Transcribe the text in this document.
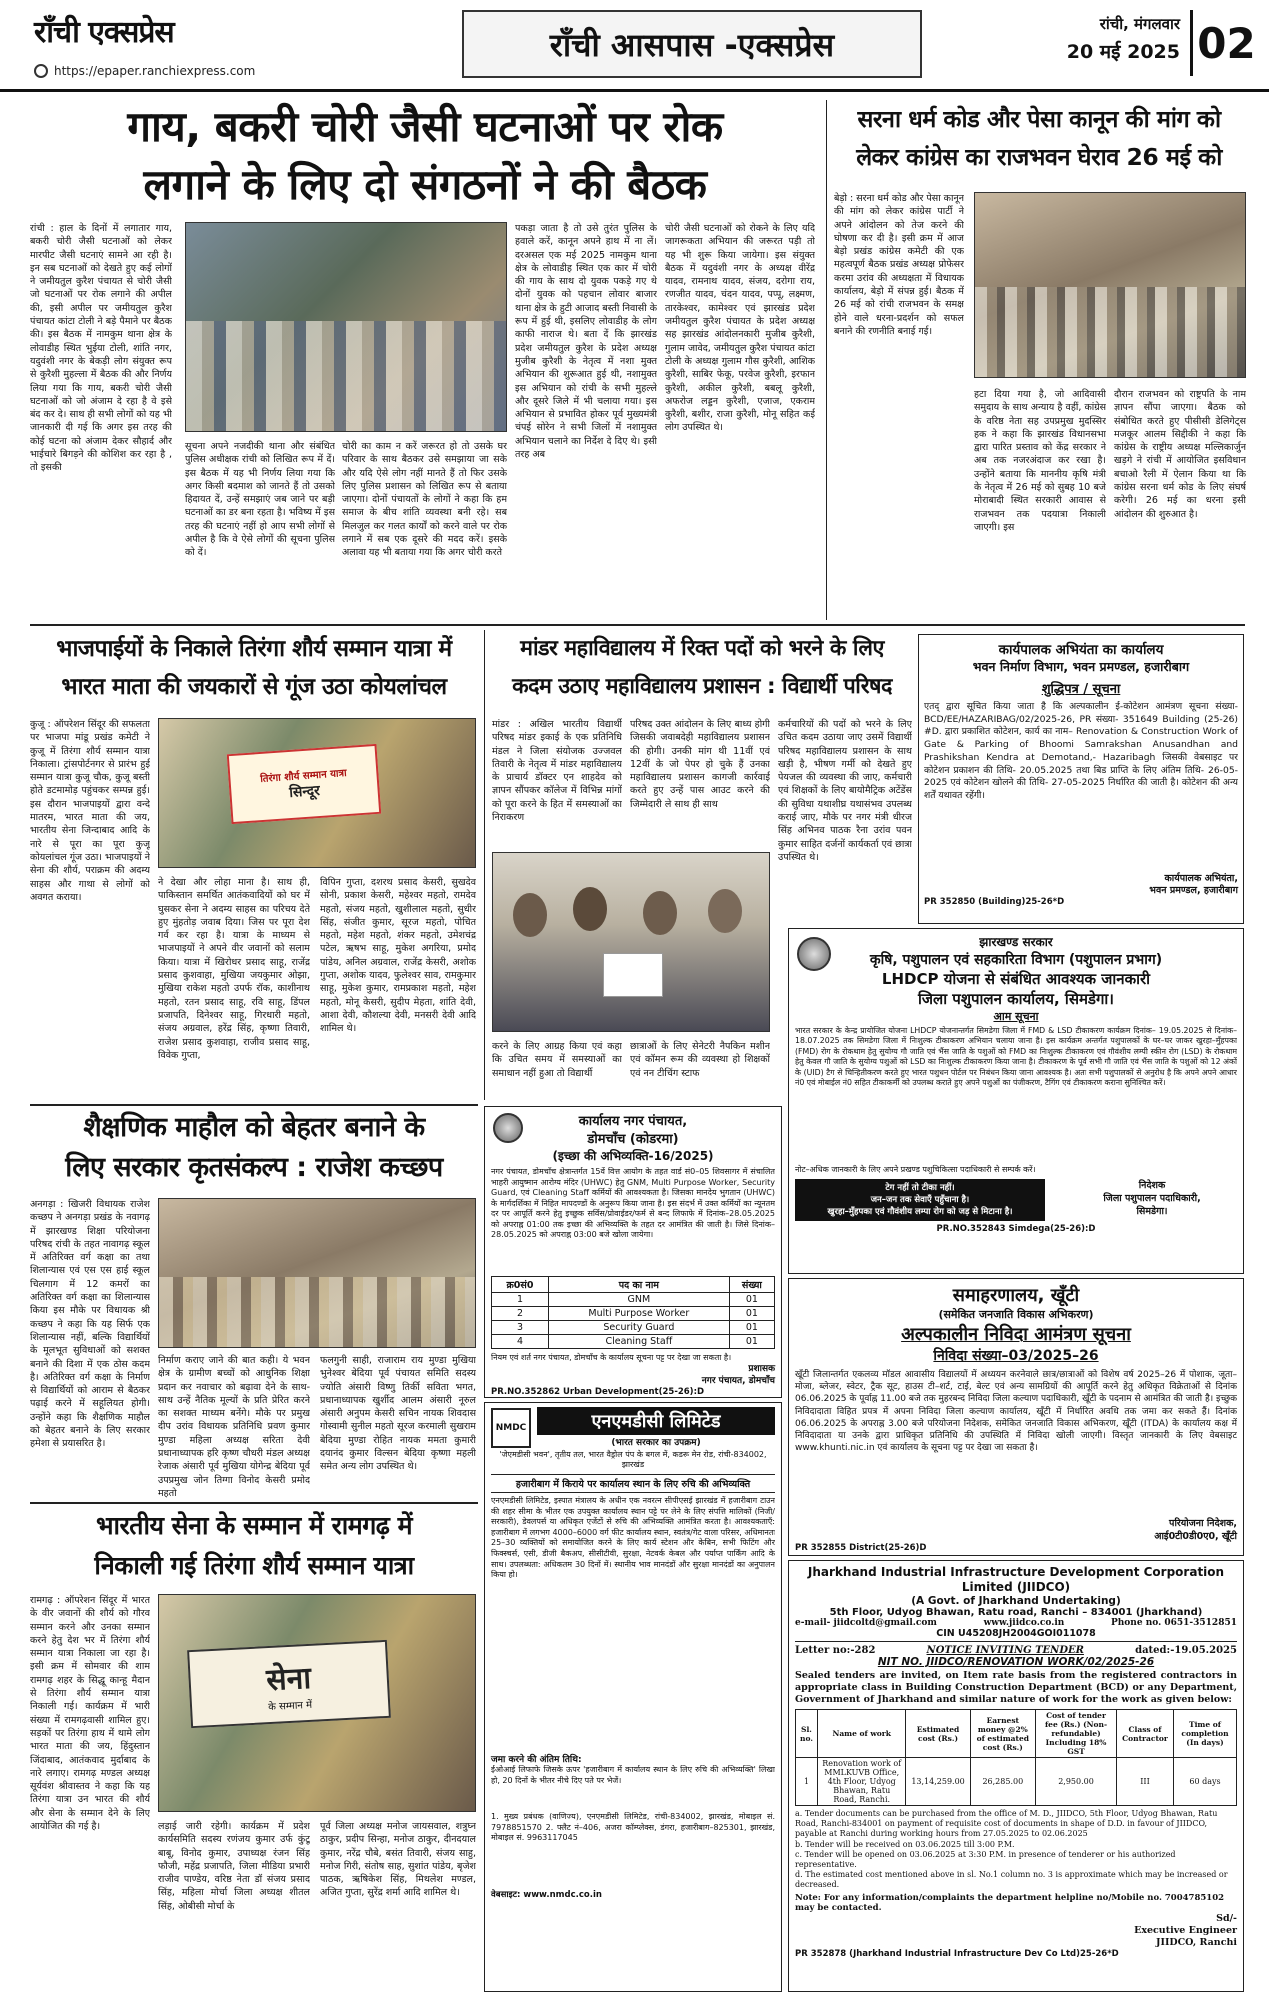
राँची एक्सप्रेस
https://epaper.ranchiexpress.com
राँची आसपास -एक्सप्रेस
रांची, मंगलवार
20 मई 2025 02
गाय, बकरी चोरी जैसी घटनाओं पर रोक
लगाने के लिए दो संगठनों ने की बैठक
रांची : हाल के दिनों में लगातार गाय, बकरी चोरी जैसी घटनाओं को लेकर मारपीट जैसी घटनाएं सामने आ रही है। इन सब घटनाओं को देखते हुए कई लोगों ने जमीयतुल कुरैश पंचायत से चोरी जैसी जो घटनाओं पर रोक लगाने की अपील की, इसी अपील पर जमीयतुल कुरैश पंचायत कांटा टोली ने बड़े पैमाने पर बैठक की। इस बैठक में नामकुम थाना क्षेत्र के लोवाडीह स्थित भुईया टोली, शांति नगर, यदुवंशी नगर के बेकड़ी लोग संयुक्त रूप से कुरैशी मुहल्ला में बैठक की और निर्णय लिया गया कि गाय, बकरी चोरी जैसी घटनाओं को जो अंजाम दे रहा है वे इसे बंद कर दे। साथ ही सभी लोगों को यह भी जानकारी दी गई कि अगर इस तरह की कोई घटना को अंजाम देकर सौहार्द और भाईचारे बिगड़ने की कोशिश कर रहा है , तो इसकी
सूचना अपने नजदीकी थाना और संबंधित पुलिस अधीक्षक रांची को लिखित रूप में दें। इस बैठक में यह भी निर्णय लिया गया कि अगर किसी बदमाश को जानते हैं तो उसको हिदायत दें, उन्हें समझाएं जब जाने पर बड़ी घटनाओं का डर बना रहता है। भविष्य में इस तरह की घटनाएं नहीं हो आप सभी लोगों से अपील है कि वे ऐसे लोगों की सूचना पुलिस को दें।
चोरी का काम न करें जरूरत हो तो उसके घर परिवार के साथ बैठकर उसे समझाया जा सके और यदि ऐसे लोग नहीं मानते हैं तो फिर उसके लिए पुलिस प्रशासन को लिखित रूप से बताया जाएगा। दोनों पंचायतों के लोगों ने कहा कि हम समाज के बीच शांति व्यवस्था बनी रहे। सब मिलजुल कर गलत कार्यों को करने वाले पर रोक लगाने में सब एक दूसरे की मदद करें। इसके अलावा यह भी बताया गया कि अगर चोरी करते
पकड़ा जाता है तो उसे तुरंत पुलिस के हवाले करें, कानून अपने हाथ में ना लें। दरअसल एक मई 2025 नामकुम थाना क्षेत्र के लोवाडीह स्थित एक कार में चोरी की गाय के साथ दो युवक पकड़े गए थे दोनों युवक को पहचान लोवार बाजार थाना क्षेत्र के हुटी आजाद बस्ती निवासी के रूप में हुई थी, इसलिए लोवाडीह के लोग काफी नाराज थे। बता दें कि झारखंड प्रदेश जमीयतुल कुरैश के प्रदेश अध्यक्ष मुजीब कुरैशी के नेतृत्व में नशा मुक्त अभियान की शुरूआत हुई थी, नशामुक्त इस अभियान को रांची के सभी मुहल्ले और दूसरे जिले में भी चलाया गया। इस अभियान से प्रभावित होकर पूर्व मुख्यमंत्री चंपई सोरेन ने सभी जिलों में नशामुक्त अभियान चलाने का निर्देश दे दिए थे। इसी तरह अब
चोरी जैसी घटनाओं को रोकने के लिए यदि जागरूकता अभियान की जरूरत पड़ी तो यह भी शुरू किया जायेगा। इस संयुक्त बैठक में यदुवंशी नगर के अध्यक्ष वीरेंद्र यादव, रामनाथ यादव, संजय, दरोगा राय, रणजीत यादव, चंदन यादव, पप्पू, लक्ष्मण, तारकेश्वर, कामेश्वर एवं झारखंड प्रदेश जमीयतुल कुरैश पंचायत के प्रदेश अध्यक्ष सह झारखंड आंदोलनकारी मुजीब कुरैशी, गुलाम जावेद, जमीयतुल कुरैश पंचायत कांटा टोली के अध्यक्ष गुलाम गौस कुरैशी, आशिक कुरैशी, साबिर फेकू, परवेज कुरैशी, इरफान कुरैशी, अकील कुरैशी, बबलू कुरैशी, अफरोज लड्डन कुरैशी, एजाज, एकराम कुरैशी, बशीर, राजा कुरैशी, मोनू सहित कई लोग उपस्थित थे।
सरना धर्म कोड और पेसा कानून की मांग को
लेकर कांग्रेस का राजभवन घेराव 26 मई को
बेड़ो : सरना धर्म कोड और पेसा कानून की मांग को लेकर कांग्रेस पार्टी ने अपने आंदोलन को तेज करने की घोषणा कर दी है। इसी क्रम में आज बेड़ो प्रखंड कांग्रेस कमेटी की एक महत्वपूर्ण बैठक प्रखंड अध्यक्ष प्रोफेसर करमा उरांव की अध्यक्षता में विधायक कार्यालय, बेड़ो में संपन्न हुई। बैठक में 26 मई को रांची राजभवन के समक्ष होने वाले धरना-प्रदर्शन को सफल बनाने की रणनीति बनाई गई।
हटा दिया गया है, जो आदिवासी समुदाय के साथ अन्याय है वहीं, कांग्रेस के वरिष्ठ नेता सह उपप्रमुख मुदस्सिर हक ने कहा कि झारखंड विधानसभा द्वारा पारित प्रस्ताव को केंद्र सरकार ने अब तक नजरअंदाज कर रखा है। उन्होंने बताया कि माननीय कृषि मंत्री के नेतृत्व में 26 मई को सुबह 10 बजे मोराबादी स्थित सरकारी आवास से राजभवन तक पदयात्रा निकाली जाएगी। इस
दौरान राजभवन को राष्ट्रपति के नाम ज्ञापन सौंपा जाएगा। बैठक को संबोधित करते हुए पीसीसी डेलिगेट्स मजकूर आलम सिद्दीकी ने कहा कि कांग्रेस के राष्ट्रीय अध्यक्ष मल्लिकार्जुन खड़गे ने रांची में आयोजित इसविधान बचाओ रैली में ऐलान किया था कि कांग्रेस सरना धर्म कोड के लिए संघर्ष करेगी। 26 मई का धरना इसी आंदोलन की शुरुआत है।
भाजपाईयों के निकाले तिरंगा शौर्य सम्मान यात्रा में
भारत माता की जयकारों से गूंज उठा कोयलांचल
कुजू : ऑपरेशन सिंदूर की सफलता पर भाजपा मांडू प्रखंड कमेटी ने कुजू में तिरंगा शौर्य सम्मान यात्रा निकाला। ट्रांसपोर्टनगर से प्रारंभ हुई सम्मान यात्रा कुजू चौक, कुजू बस्ती होते डटमामोड़ पहुंचकर सम्पन्न हुई। इस दौरान भाजपाइयों द्वारा वन्दे मातरम, भारत माता की जय, भारतीय सेना जिन्दाबाद आदि के नारे से पूरा का पूरा कुजू कोयलांचल गूंज उठा। भाजपाइयों ने सेना की शौर्य, पराक्रम की अदम्य साहस और गाथा से लोगों को अवगत कराया।
तिरंगा शौर्य सम्मान यात्रा
सिन्दूर
ने देखा और लोहा माना है। साथ ही, पाकिस्तान समर्थित आतंकवादियों को घर में घुसकर सेना ने अदम्य साहस का परिचय देते हुए मुंहतोड़ जवाब दिया। जिस पर पूरा देश गर्व कर रहा है। यात्रा के माध्यम से भाजपाइयों ने अपने वीर जवानों को सलाम किया। यात्रा में खिरोधर प्रसाद साहू, राजेंद्र प्रसाद कुशवाहा, मुखिया जयकुमार ओझा, मुखिया राकेश महतो उपर्फ रॉक, काशीनाथ महतो, रतन प्रसाद साहू, रवि साहू, डिंपल प्रजापति, दिनेश्वर साहू, गिरधारी महतो, संजय अग्रवाल, हरेंद्र सिंह, कृष्णा तिवारी, राजेश प्रसाद कुशवाहा, राजीव प्रसाद साहू, विवेक गुप्ता,
विपिन गुप्ता, दशरथ प्रसाद केसरी, सुखदेव सोनी, प्रकाश केसरी, महेश्वर महतो, रामदेव महतो, संजय महतो, खुशीलाल महतो, सुधीर सिंह, संजीत कुमार, सूरज महतो, पोचित महतो, महेश महतो, शंकर महतो, उमेशचंद्र पटेल, ऋषभ साहू, मुकेश अगरिया, प्रमोद पांडेय, अनिल अग्रवाल, राजेंद्र केसरी, अशोक गुप्ता, अशोक यादव, फुलेश्वर साव, रामकुमार साहू, मुकेश कुमार, रामप्रकाश महतो, महेश महतो, मोनू केसरी, सुदीप मेहता, शांति देवी, आशा देवी, कौशल्या देवी, मनसरी देवी आदि शामिल थे।
मांडर महाविद्यालय में रिक्त पदों को भरने के लिए
कदम उठाए महाविद्यालय प्रशासन : विद्यार्थी परिषद
मांडर : अखिल भारतीय विद्यार्थी परिषद मांडर इकाई के एक प्रतिनिधि मंडल ने जिला संयोजक उज्जवल तिवारी के नेतृत्व में मांडर महाविद्यालय के प्राचार्य डॉक्टर एन शाहदेव को ज्ञापन सौंपकर कॉलेज में विभिन्न मांगों को पूरा करने के हित में समस्याओं का निराकरण
परिषद उक्त आंदोलन के लिए बाध्य होगी जिसकी जवाबदेही महाविद्यालय प्रशासन की होगी। उनकी मांग थी 11वीं एवं 12वीं के जो पेपर हो चुके हैं उनका महाविद्यालय प्रशासन कागजी कार्रवाई करते हुए उन्हें पास आउट करने की जिम्मेदारी ले साथ ही साथ
कर्मचारियों की पदों को भरने के लिए उचित कदम उठाया जाए उसमें विद्यार्थी परिषद महाविद्यालय प्रशासन के साथ खड़ी है, भीषण गर्मी को देखते हुए पेयजल की व्यवस्था की जाए, कर्मचारी एवं शिक्षकों के लिए बायोमैट्रिक अटेंडेंस की सुविधा यथाशीघ्र यथासंभव उपलब्ध कराई जाए, मौके पर नगर मंत्री धीरज सिंह अभिनव पाठक रैना उरांव पवन कुमार साहित दर्जनों कार्यकर्ता एवं छात्रा उपस्थित थे।
करने के लिए आग्रह किया एवं कहा कि उचित समय में समस्याओं का समाधान नहीं हुआ तो विद्यार्थी
छात्राओं के लिए सेनेटरी नैपकिन मशीन एवं कॉमन रूम की व्यवस्था हो शिक्षकों एवं नन टीचिंग स्टाफ
कार्यपालक अभियंता का कार्यालय
भवन निर्माण विभाग, भवन प्रमण्डल, हजारीबाग
शुद्धिपत्र / सूचना
एतद् द्वारा सूचित किया जाता है कि अल्पकालीन ई-कोटेशन आमंत्रण सूचना संख्या- BCD/EE/HAZARIBAG/02/2025-26, PR संख्या- 351649 Building (25-26) #D. द्वारा प्रकाशित कोटेशन, कार्य का नाम– Renovation & Construction Work of Gate & Parking of Bhoomi Samrakshan Anusandhan and Prashikshan Kendra at Demotand,- Hazaribagh जिसकी वेबसाइट पर कोटेशन प्रकाशन की तिथि- 20.05.2025 तथा बिड प्राप्ति के लिए अंतिम तिथि- 26-05-2025 एवं कोटेशन खोलने की तिथि- 27-05-2025 निर्धारित की जाती है। कोटेशन की अन्य शर्तें यथावत रहेंगी।
कार्यपालक अभियंता,
भवन प्रमण्डल, हजारीबाग
PR 352850 (Building)25-26*D
झारखण्ड सरकार
कृषि, पशुपालन एवं सहकारिता विभाग (पशुपालन प्रभाग)
LHDCP योजना से संबंधित आवश्यक जानकारी
जिला पशुपालन कार्यालय, सिमडेगा।
आम सूचना
भारत सरकार के केन्द्र प्रायोजित योजना LHDCP योजनान्तर्गत सिमडेगा जिला में FMD & LSD टीकाकरण कार्यक्रम दिनांक– 19.05.2025 से दिनांक– 18.07.2025 तक सिमडेगा जिला में निःशुल्क टीकाकरण अभियान चलाया जाना है। इस कार्यक्रम अन्तर्गत पशुपालकों के घर–घर जाकर खुरहा–मुँहपका (FMD) रोग के रोकथाम हेतु सुयोग्य गौ जाति एवं भैंस जाति के पशुओं को FMD का निःशुल्क टीकाकरण एवं गौवंशीय लम्पी स्कीन रोग (LSD) के रोकथाम हेतु केवल गौ जाति के सुयोग्य पशुओं को LSD का निःशुल्क टीकाकरण किया जाना है। टीकाकरण के पूर्व सभी गौ जाति एवं भैंस जाति के पशुओं को 12 अंकों के (UID) टैग से चिन्हितीकरण करते हुए भारत पशुधन पोर्टल पर निबंधन किया जाना आवश्यक है। अतः सभी पशुपालकों से अनुरोध है कि अपने अपने आधार नं0 एवं मोबाईल नं0 सहित टीकाकर्मी को उपलब्ध कराते हुए अपने पशुओं का पंजीकरण, टैगिंग एवं टीकाकरण कराना सुनिश्चित करें।
नोट–अधिक जानकारी के लिए अपने प्रखण्ड पशुचिकित्सा पदाधिकारी से सम्पर्क करें।
टेग नहीं तो टीका नहीं।
जन–जन तक सेवाएँ पहुँचाना है।
खुरहा–मुँहपका एवं गौवंशीय लम्पा रोग को जड़ से मिटाना है।
निदेशक
जिला पशुपालन पदाधिकारी,
सिमडेगा।
PR.NO.352843 Simdega(25-26):D
शैक्षणिक माहौल को बेहतर बनाने के
लिए सरकार कृतसंकल्प : राजेश कच्छप
अनगड़ा : खिजरी विधायक राजेश कच्छप ने अनगड़ा प्रखंड के नवागढ़ में झारखण्ड शिक्षा परियोजना परिषद रांची के तहत नावागढ़ स्कूल में अतिरिक्त वर्ग कक्षा का तथा शिलान्यास एवं एस एस हाई स्कूल चिलगाग में 12 कमरों का अतिरिक्त वर्ग कक्षा का शिलान्यास किया इस मौके पर विधायक श्री कच्छप ने कहा कि यह सिर्फ एक शिलान्यास नहीं, बल्कि विद्यार्थियों के मूलभूत सुविधाओं को सशक्त बनाने की दिशा में एक ठोस कदम है। अतिरिक्त वर्ग कक्षा के निर्माण से विद्यार्थियों को आराम से बैठकर पढ़ाई करने में सहूलियत होगी। उन्होंने कहा कि शैक्षणिक माहौल को बेहतर बनाने के लिए सरकार हमेशा से प्रयासरित है।
निर्माण कराए जाने की बात कही। ये भवन क्षेत्र के ग्रामीण बच्चों को आधुनिक शिक्षा प्रदान कर नवाचार को बढ़ावा देने के साथ-साथ उन्हें नैतिक मूल्यों के प्रति प्रेरित करने का सशक्त माध्यम बनेंगे। मौके पर प्रमुख दीप उरांव विधायक प्रतिनिधि प्रवण कुमार मुण्डा महिला अध्यक्ष सरिता देवी प्रधानाध्यापक हरि कृष्ण चौधरी मंडल अध्यक्ष रेजाक अंसारी पूर्व मुखिया योगेन्द्र बेदिया पूर्व उपप्रमुख जोन तिग्गा विनोद केसरी प्रमोद महतो
फलगुनी साही, राजाराम राय मुण्डा मुखिया भुनेश्वर बेदिया पूर्व पंचायत समिति सदस्य ज्योति अंसारी विष्णु तिर्की सविता भगत, प्रधानाध्यापक खुर्शीद आलम अंसारी नूरुल अंसारी अनुपम केसरी सचिन नायक शिवदास गोस्वामी सुनील महतो सूरज करमाली सुखराम बेदिया मुण्डा रोहित नायक ममता कुमारी दयानंद कुमार विल्सन बेदिया कृष्णा महली समेत अन्य लोग उपस्थित थे।
कार्यालय नगर पंचायत,
डोमचाँच (कोडरमा)
(इच्छा की अभिव्यक्ति-16/2025)
नगर पंचायत, डोमचाँच क्षेत्रान्तर्गत 15वें वित्त आयोग के तहत वार्ड सं0–05 शिवसागर में संचालित भाहरी आयुष्मान आरोग्य मंदिर (UHWC) हेतु GNM, Multi Purpose Worker, Security Guard, एवं Cleaning Staff कर्मियों की आवश्यकता है। जिसका मानदेय भुगतान (UHWC) के मार्गदर्शिका में निहित मापदण्डों के अनुरूप किया जाना है। इस संदर्भ में उक्त कर्मियों का न्यूनतम दर पर आपूर्ति करने हेतु इच्छुक सर्विस/प्रोवाईडर/फर्म से बन्द लिफाफे में दिनांक–28.05.2025 को अपराह्न 01:00 तक इच्छा की अभिव्यक्ति के तहत दर आमंत्रित की जाती है। जिसे दिनांक–28.05.2025 को अपराह्न 03:00 बजे खोला जायेगा।
क्र0सं0	पद का नाम	संख्या
1	GNM	01
2	Multi Purpose Worker	01
3	Security Guard	01
4	Cleaning Staff	01
नियम एवं शर्त नगर पंचायत, डोमचाँच के कार्यालय सूचना पट्ट पर देखा जा सकता है।
प्रशासक
नगर पंचायत, डोमचाँच
PR.NO.352862 Urban Development(25-26):D
समाहरणालय, खूँटी
(समेकित जनजाति विकास अभिकरण)
अल्पकालीन निविदा आमंत्रण सूचना
निविदा संख्या–03/2025–26
खूँटी जिलान्तर्गत एकलव्य मॉडल आवासीय विद्यालयों में अध्ययन करनेवाले छात्र/छात्राओं को विशेष वर्ष 2025–26 में पोशाक, जूता–मोजा, ब्लेजर, स्वेटर, ट्रैक सूट, हाउस टी–शर्ट, टाई, बेल्ट एवं अन्य सामग्रियों की आपूर्ति करने हेतु अधिकृत विक्रेताओं से दिनांक 06.06.2025 के पूर्वाह्न 11.00 बजे तक मुहरबन्द निविदा जिला कल्याण पदाधिकारी, खूँटी के पदनाम से आमंत्रित की जाती है। इच्छुक निविदादाता विहित प्रपत्र में अपना निविदा जिला कल्याण कार्यालय, खूँटी में निर्धारित अवधि तक जमा कर सकते हैं। दिनांक 06.06.2025 के अपराह्न 3.00 बजे परियोजना निदेशक, समेकित जनजाति विकास अभिकरण, खूँटी (ITDA) के कार्यालय कक्ष में निविदादाता या उनके द्वारा प्राधिकृत प्रतिनिधि की उपस्थिति में निविदा खोली जाएगी। विस्तृत जानकारी के लिए वेबसाइट www.khunti.nic.in एवं कार्यालय के सूचना पट्ट पर देखा जा सकता है।
परियोजना निदेशक,
आई0टी0डी0ए0, खूँटी
PR 352855 District(25-26)D
भारतीय सेना के सम्मान में रामगढ़ में
निकाली गई तिरंगा शौर्य सम्मान यात्रा
रामगढ़ : ऑपरेशन सिंदूर में भारत के वीर जवानों की शौर्य को गौरव सम्मान करने और उनका सम्मान करने हेतु देश भर में तिरंगा शौर्य सम्मान यात्रा निकाला जा रहा है। इसी क्रम में सोमवार की शाम रामगढ़ शहर के सिद्धू कान्हू मैदान से तिरंगा शौर्य सम्मान यात्रा निकाली गई। कार्यक्रम में भारी संख्या में रामगढ़वासी शामिल हुए। सड़कों पर तिरंगा हाथ में थामे लोग भारत माता की जय, हिंदुस्तान जिंदाबाद, आतंकवाद मुर्दाबाद के नारे लगाए। रामगढ़ मण्डल अध्यक्ष सूर्यवंश श्रीवास्तव ने कहा कि यह तिरंगा यात्रा उन भारत की शौर्य और सेना के सम्मान देने के लिए आयोजित की गई है।
सेना
के सम्मान में
लड़ाई जारी रहेगी। कार्यक्रम में प्रदेश कार्यसमिति सदस्य रणंजय कुमार उर्फ कुंटू बाबू, विनोद कुमार, उपाध्यक्ष रंजन सिंह फौजी, महेंद्र प्रजापति, जिला मीडिया प्रभारी राजीव पाण्डेय, वरिष्ठ नेता डॉ संजय प्रसाद सिंह, महिला मोर्चा जिला अध्यक्ष शीतल सिंह, ओबीसी मोर्चा के
पूर्व जिला अध्यक्ष मनोज जायसवाल, शत्रुघ्न ठाकुर, प्रदीप सिन्हा, मनोज ठाकुर, दीनदयाल कुमार, नरेंद्र चौबे, बसंत तिवारी, संजय साहु, मनोज गिरी, संतोष साह, सुशांत पांडेय, बृजेश पाठक, ऋषिकेश सिंह, मिथलेश मण्डल, अजित गुप्ता, सुरेंद्र शर्मा आदि शामिल थे।
NMDC	एनएमडीसी लिमिटेड
(भारत सरकार का उपक्रम)
'जेएमडीसी भवन', तृतीय तल, भारत वैड्रोल पंप के बगल में, कडरू मेन रोड, रांची-834002, झारखंड
हजारीबाग में किराये पर कार्यालय स्थान के लिए रुचि की अभिव्यक्ति
एनएमडीसी लिमिटेड, इस्पात मंत्रालय के अधीन एक नवरत्न सीपीएसई झारखंड में हजारीबाग टाउन की शहर सीमा के भीतर एक उपयुक्त कार्यालय स्थान पट्टे पर लेने के लिए संपत्ति मालिकों (निजी/सरकारी), डेवलपर्स या अधिकृत एजेंटों से रुचि की अभिव्यक्ति आमंत्रित करता है। आवश्यकताएँ: हजारीबाग में लगभग 4000–6000 वर्ग फीट कार्यालय स्थान, स्वतंत्र/गेट वाला परिसर, अधिमानतः 25–30 व्यक्तियों को समायोजित करने के लिए कार्य स्टेशन और केबिन, सभी फिटिंग और फिक्स्चर्स, एसी, डीजी बैकअप, सीसीटीवी, सुरक्षा, नेटवर्क केबल और पर्याप्त पार्किंग आदि के साथ। उपलब्धता: अधिकतम 30 दिनों में। स्थानीय भाव मानदंडों और सुरक्षा मानदंडों का अनुपालन किया हो।
जमा करने की अंतिम तिथि:
ईओआई लिफाफे जिसके ऊपर 'हजारीबाग में कार्यालय स्थान के लिए रुचि की अभिव्यक्ति' लिखा हो, 20 दिनों के भीतर नीचे दिए पते पर भेजें।
1. मुख्य प्रबंधक (वाणिज्य), एनएमडीसी लिमिटेड, रांची-834002, झारखंड, मोबाइल सं. 7978851570 2. फ्लैट नं–406, अजरा कॉम्प्लेक्स, डंगरा, हजारीबाग–825301, झारखंड, मोबाइल सं. 9963117045
वेबसाइट: www.nmdc.co.in
Jharkhand Industrial Infrastructure Development Corporation Limited (JIIDCO)
(A Govt. of Jharkhand Undertaking)
5th Floor, Udyog Bhawan, Ratu road, Ranchi – 834001 (Jharkhand)
e-mail- jiidcoltd@gmail.com	www.jiidco.co.in	Phone no. 0651-3512851
CIN U45208JH2004GOI011078
Letter no:-282	NOTICE INVITING TENDER	dated:-19.05.2025
NIT NO. JIIDCO/RENOVATION WORK/02/2025-26
Sealed tenders are invited, on Item rate basis from the registered contractors in appropriate class in Building Construction Department (BCD) or any Department, Government of Jharkhand and similar nature of work for the work as given below:
Sl. no.	Name of work	Estimated cost (Rs.)	Earnest money @2% of estimated cost (Rs.)	Cost of tender fee (Rs.) (Non-refundable) Including 18% GST	Class of Contractor	Time of completion (In days)
1	Renovation work of MMLKUVB Office, 4th Floor, Udyog Bhawan, Ratu Road, Ranchi.	13,14,259.00	26,285.00	2,950.00	III	60 days
a. Tender documents can be purchased from the office of M. D., JIIDCO, 5th Floor, Udyog Bhawan, Ratu Road, Ranchi-834001 on payment of requisite cost of documents in shape of D.D. in favour of JIIDCO, payable at Ranchi during working hours from 27.05.2025 to 02.06.2025
b. Tender will be received on 03.06.2025 till 3:00 P.M.
c. Tender will be opened on 03.06.2025 at 3:30 P.M. in presence of tenderer or his authorized representative.
d. The estimated cost mentioned above in sl. No.1 column no. 3 is approximate which may be increased or decreased.
Note: For any information/complaints the department helpline no/Mobile no. 7004785102 may be contacted.
Sd/-
Executive Engineer
JIIDCO, Ranchi
PR 352878 (Jharkhand Industrial Infrastructure Dev Co Ltd)25-26*D
